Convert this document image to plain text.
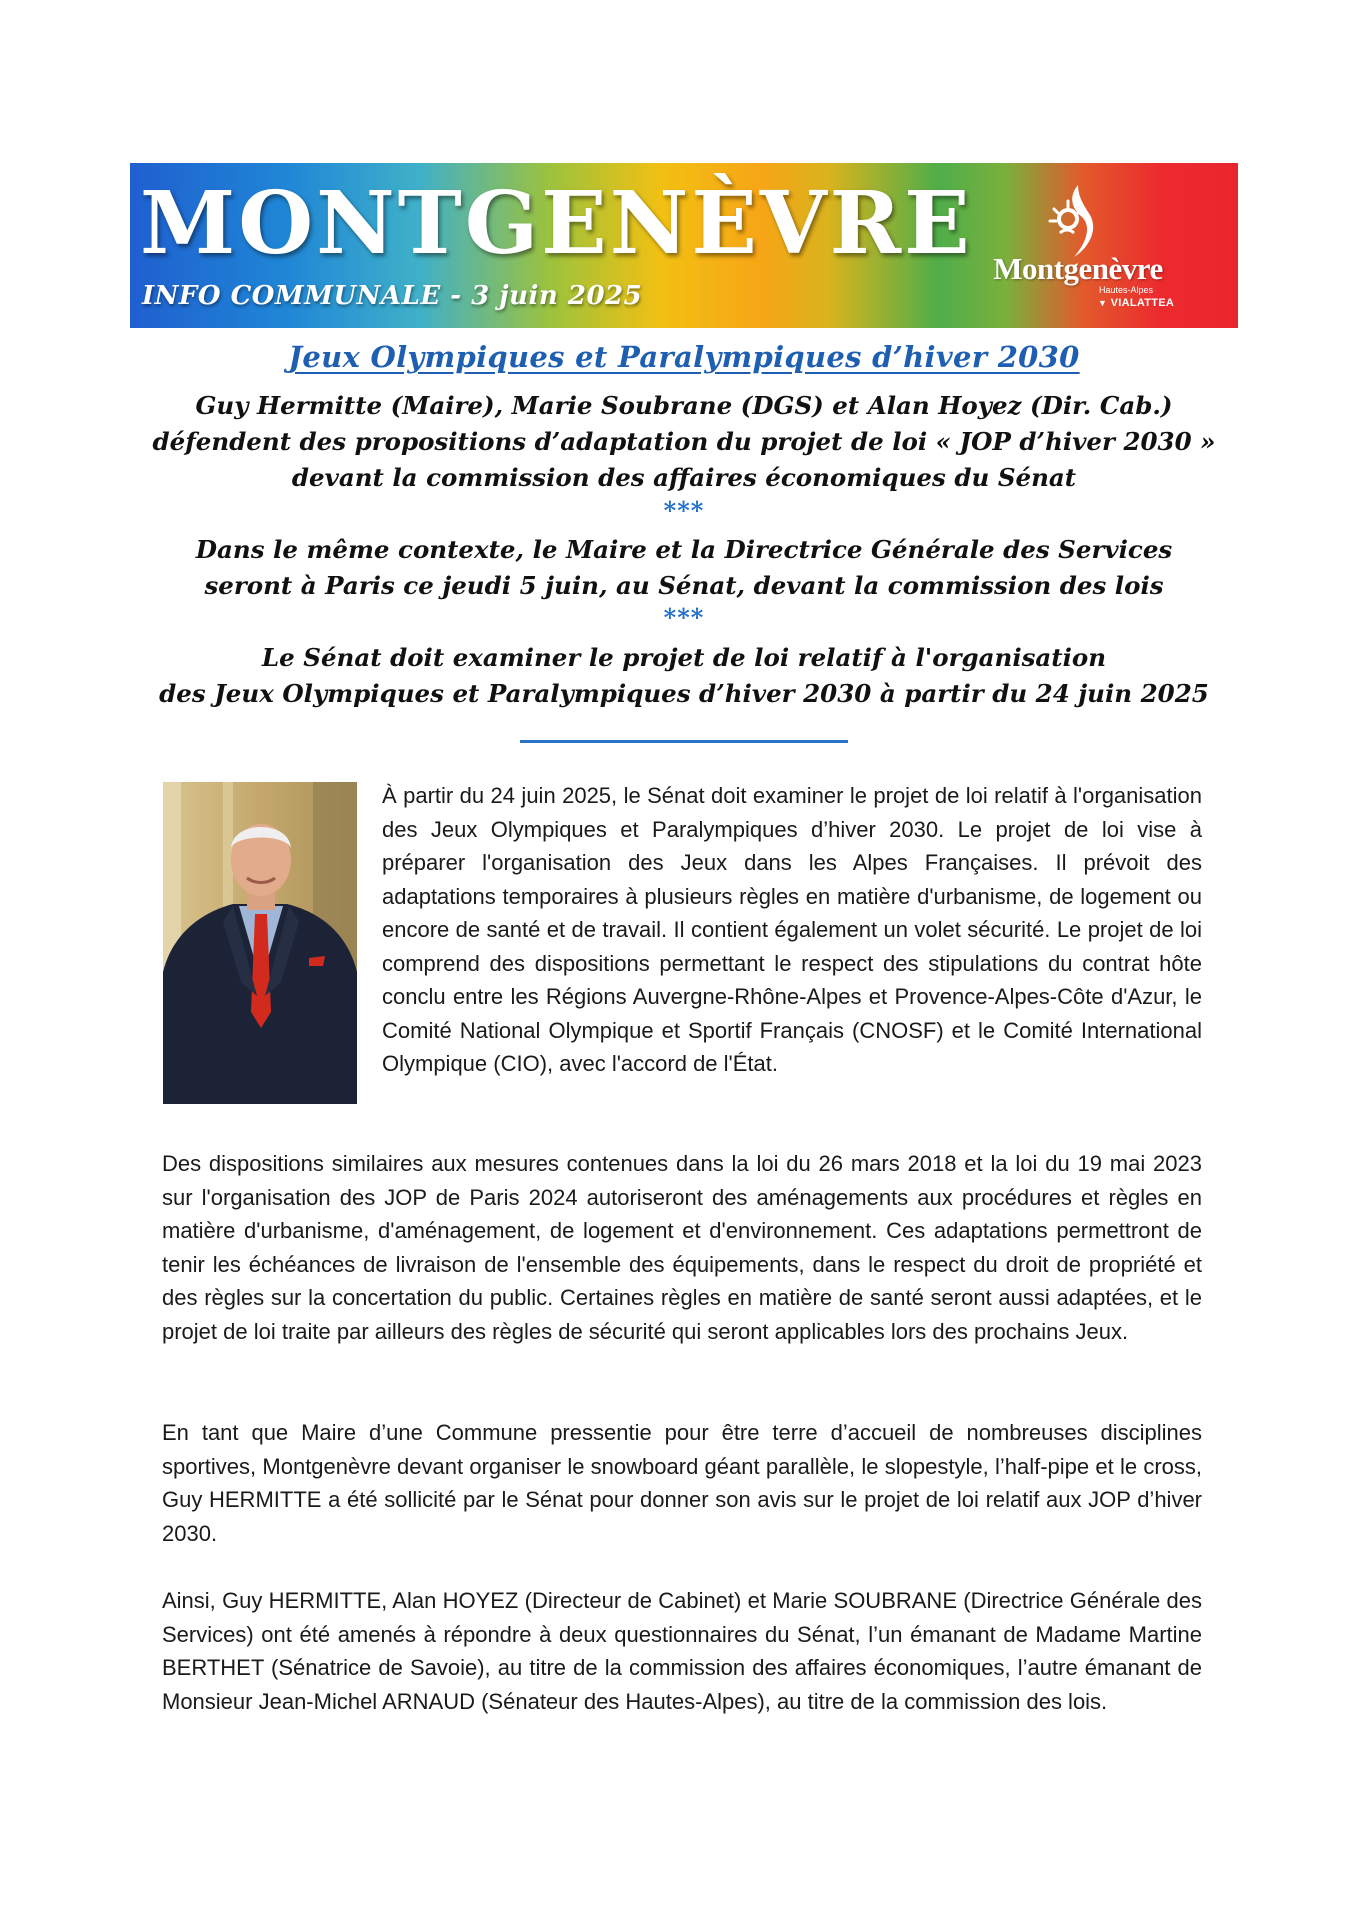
MONTGENÈVRE
INFO COMMUNALE - 3 juin 2025
Montgenèvre
Hautes-Alpes
▼ VIALATTEA
Jeux Olympiques et Paralympiques d’hiver 2030
Guy Hermitte (Maire), Marie Soubrane (DGS) et Alan Hoyez (Dir. Cab.)
défendent des propositions d’adaptation du projet de loi « JOP d’hiver 2030 »
devant la commission des affaires économiques du Sénat
***
Dans le même contexte, le Maire et la Directrice Générale des Services
seront à Paris ce jeudi 5 juin, au Sénat, devant la commission des lois
***
Le Sénat doit examiner le projet de loi relatif à l'organisation
des Jeux Olympiques et Paralympiques d’hiver 2030 à partir du 24 juin 2025
À partir du 24 juin 2025, le Sénat doit examiner le projet de loi relatif à l'organisation des Jeux Olympiques et Paralympiques d’hiver 2030. Le projet de loi vise à préparer l'organisation des Jeux dans les Alpes Françaises. Il prévoit des adaptations temporaires à plusieurs règles en matière d'urbanisme, de logement ou encore de santé et de travail. Il contient également un volet sécurité. Le projet de loi comprend des dispositions permettant le respect des stipulations du contrat hôte conclu entre les Régions Auvergne-Rhône-Alpes et Provence-Alpes-Côte d'Azur, le Comité National Olympique et Sportif Français (CNOSF) et le Comité International Olympique (CIO), avec l'accord de l'État.
Des dispositions similaires aux mesures contenues dans la loi du 26 mars 2018 et la loi du 19 mai 2023 sur l'organisation des JOP de Paris 2024 autoriseront des aménagements aux procédures et règles en matière d'urbanisme, d'aménagement, de logement et d'environnement. Ces adaptations permettront de tenir les échéances de livraison de l'ensemble des équipements, dans le respect du droit de propriété et des règles sur la concertation du public. Certaines règles en matière de santé seront aussi adaptées, et le projet de loi traite par ailleurs des règles de sécurité qui seront applicables lors des prochains Jeux.
En tant que Maire d’une Commune pressentie pour être terre d’accueil de nombreuses disciplines sportives, Montgenèvre devant organiser le snowboard géant parallèle, le slopestyle, l’half-pipe et le cross, Guy HERMITTE a été sollicité par le Sénat pour donner son avis sur le projet de loi relatif aux JOP d’hiver 2030.
Ainsi, Guy HERMITTE, Alan HOYEZ (Directeur de Cabinet) et Marie SOUBRANE (Directrice Générale des Services) ont été amenés à répondre à deux questionnaires du Sénat, l’un émanant de Madame Martine BERTHET (Sénatrice de Savoie), au titre de la commission des affaires économiques, l’autre émanant de Monsieur Jean-Michel ARNAUD (Sénateur des Hautes-Alpes), au titre de la commission des lois.
